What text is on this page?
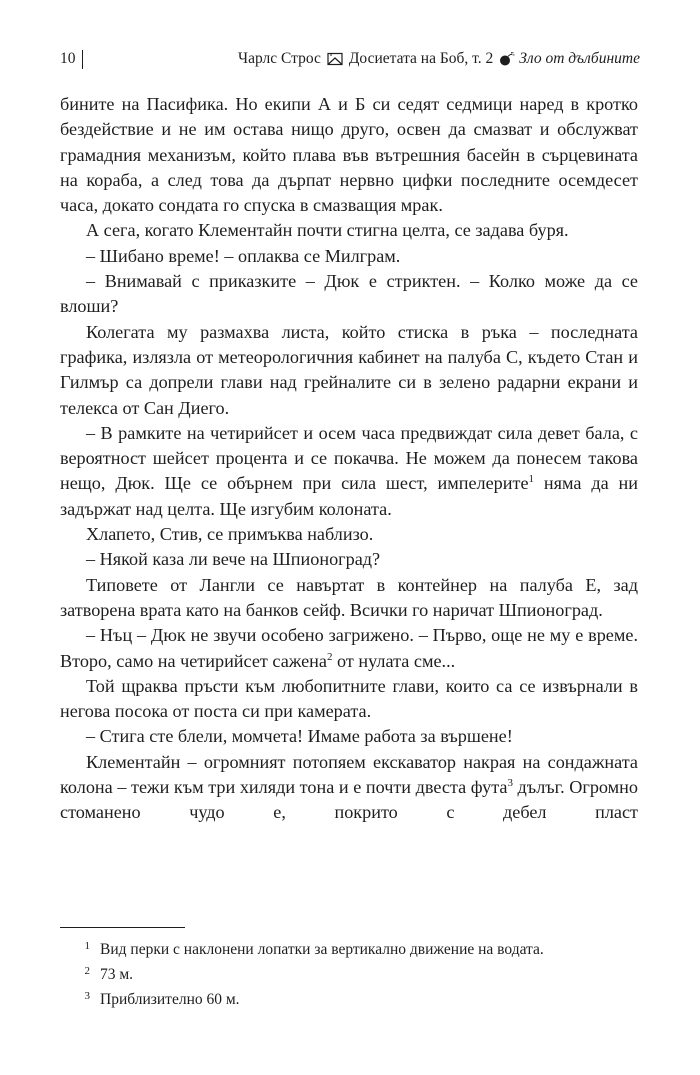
10	Чарлс Строс Досиетата на Боб, т. 2 Зло от дълбините

бините на Пасифика. Но екипи А и Б си седят седмици наред в кротко бездействие и не им остава нищо друго, освен да смазват и обслужват грамадния механизъм, който плава във вътрешния басейн в сърцевината на кораба, а след това да дърпат нервно цифки последните осемдесет часа, докато сондата го спуска в смазващия мрак.

А сега, когато Клементайн почти стигна целта, се задава буря.

– Шибано време! – оплаква се Милграм.

– Внимавай с приказките – Дюк е стриктен. – Колко може да се влоши?

Колегата му размахва листа, който стиска в ръка – последната графика, излязла от метеорологичния кабинет на палуба С, където Стан и Гилмър са допрели глави над грейналите си в зелено радарни екрани и телекса от Сан Диего.

– В рамките на четирийсет и осем часа предвиждат сила девет бала, с вероятност шейсет процента и се покачва. Не можем да понесем такова нещо, Дюк. Ще се обърнем при сила шест, импелерите$^1$ няма да ни задържат над целта. Ще изгубим колоната.

Хлапето, Стив, се примъква наблизо.

– Някой каза ли вече на Шпионоград?

Типовете от Лангли се навъртат в контейнер на палуба Е, зад затворена врата като на банков сейф. Всички го наричат Шпионоград.

– Нъц – Дюк не звучи особено загрижено. – Първо, още не му е време. Второ, само на четирийсет сажена$^2$ от нулата сме...

Той щраква пръсти към любопитните глави, които са се извърнали в негова посока от поста си при камерата.

– Стига сте блели, момчета! Имаме работа за вършене!

Клементайн – огромният потопяем екскаватор накрая на сондажната колона – тежи към три хиляди тона и е почти двеста фута$^3$ дълъг. Огромно стоманено чудо е, покрито с дебел пласт

1 Вид перки с наклонени лопатки за вертикално движение на водата.
2 73 м.
3 Приблизително 60 м.
